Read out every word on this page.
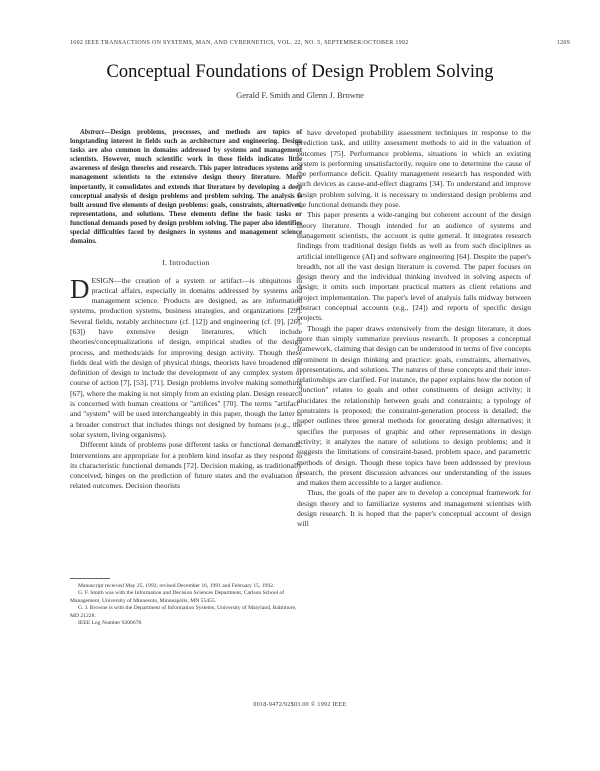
1602 IEEE TRANSACTIONS ON SYSTEMS, MAN, AND CYBERNETICS, VOL. 22, NO. 5, SEPTEMBER/OCTOBER 1992	1209
Conceptual Foundations of Design Problem Solving
Gerald F. Smith and Glenn J. Browne

Abstract—Design problems, processes, and methods are topics of longstanding interest in fields such as architecture and engineering. Design tasks are also common in domains addressed by systems and management scientists. However, much scientific work in these fields indicates little awareness of design theories and research. This paper introduces systems and management scientists to the extensive design theory literature. More importantly, it consolidates and extends that literature by developing a deep conceptual analysis of design problems and problem solving. The analysis is built around five elements of design problems: goals, constraints, alternatives, representations, and solutions. These elements define the basic tasks or functional demands posed by design problem solving. The paper also identifies special difficulties faced by designers in systems and management science domains.

I. Introduction

DESIGN—the creation of a system or artifact—is ubiquitous in practical affairs, especially in domains addressed by systems and management science. Products are designed, as are information systems, production systems, business strategies, and organizations [29]. Several fields, notably architecture (cf. [12]) and engineering (cf. [9], [26], [63]) have extensive design literatures, which include theories/conceptualizations of design, empirical studies of the design process, and methods/aids for improving design activity. Though these fields deal with the design of physical things, theorists have broadened the definition of design to include the development of any complex system or course of action [7], [53], [71]. Design problems involve making something [67], where the making is not simply from an existing plan. Design research is concerned with human creations or "artifices" [70]. The terms "artifact" and "system" will be used interchangeably in this paper, though the latter is a broader construct that includes things not designed by humans (e.g., the solar system, living organisms).

Different kinds of problems pose different tasks or functional demands. Interventions are appropriate for a problem kind insofar as they respond to its characteristic functional demands [72]. Decision making, as traditionally conceived, hinges on the prediction of future states and the evaluation of related outcomes. Decision theorists

Manuscript received May 25, 1992; revised December 16, 1991 and February 15, 1992.

G. F. Smith was with the Information and Decision Sciences Department, Carlson School of Management, University of Minnesota, Minneapolis, MN 55455.

G. J. Browne is with the Department of Information Systems, University of Maryland, Baltimore, MD 21228.

IEEE Log Number 9200678.

have developed probability assessment techniques in response to the prediction task, and utility assessment methods to aid in the valuation of outcomes [75]. Performance problems, situations in which an existing system is performing unsatisfactorily, require one to determine the cause of the performance deficit. Quality management research has responded with such devices as cause-and-effect diagrams [34]. To understand and improve design problem solving, it is necessary to understand design problems and the functional demands they pose.

This paper presents a wide-ranging but coherent account of the design theory literature. Though intended for an audience of systems and management scientists, the account is quite general. It integrates research findings from traditional design fields as well as from such disciplines as artificial intelligence (AI) and software engineering [64]. Despite the paper's breadth, not all the vast design literature is covered. The paper focuses on design theory and the individual thinking involved in solving aspects of design; it omits such important practical matters as client relations and project implementation. The paper's level of analysis falls midway between abstract conceptual accounts (e.g., [24]) and reports of specific design projects.

Though the paper draws extensively from the design literature, it does more than simply summarize previous research. It proposes a conceptual framework, claiming that design can be understood in terms of five concepts prominent in design thinking and practice: goals, constraints, alternatives, representations, and solutions. The natures of these concepts and their inter-relationships are clarified. For instance, the paper explains how the notion of "function" relates to goals and other constituents of design activity; it elucidates the relationship between goals and constraints; a typology of constraints is proposed; the constraint-generation process is detailed; the paper outlines three general methods for generating design alternatives; it specifies the purposes of graphic and other representations in design activity; it analyzes the nature of solutions to design problems; and it suggests the limitations of constraint-based, problem space, and parametric methods of design. Though these topics have been addressed by previous research, the present discussion advances our understanding of the issues and makes them accessible to a larger audience.

Thus, the goals of the paper are to develop a conceptual framework for design theory and to familiarize systems and management scientists with design research. It is hoped that the paper's conceptual account of design will

0018-9472/92$03.00 © 1992 IEEE
